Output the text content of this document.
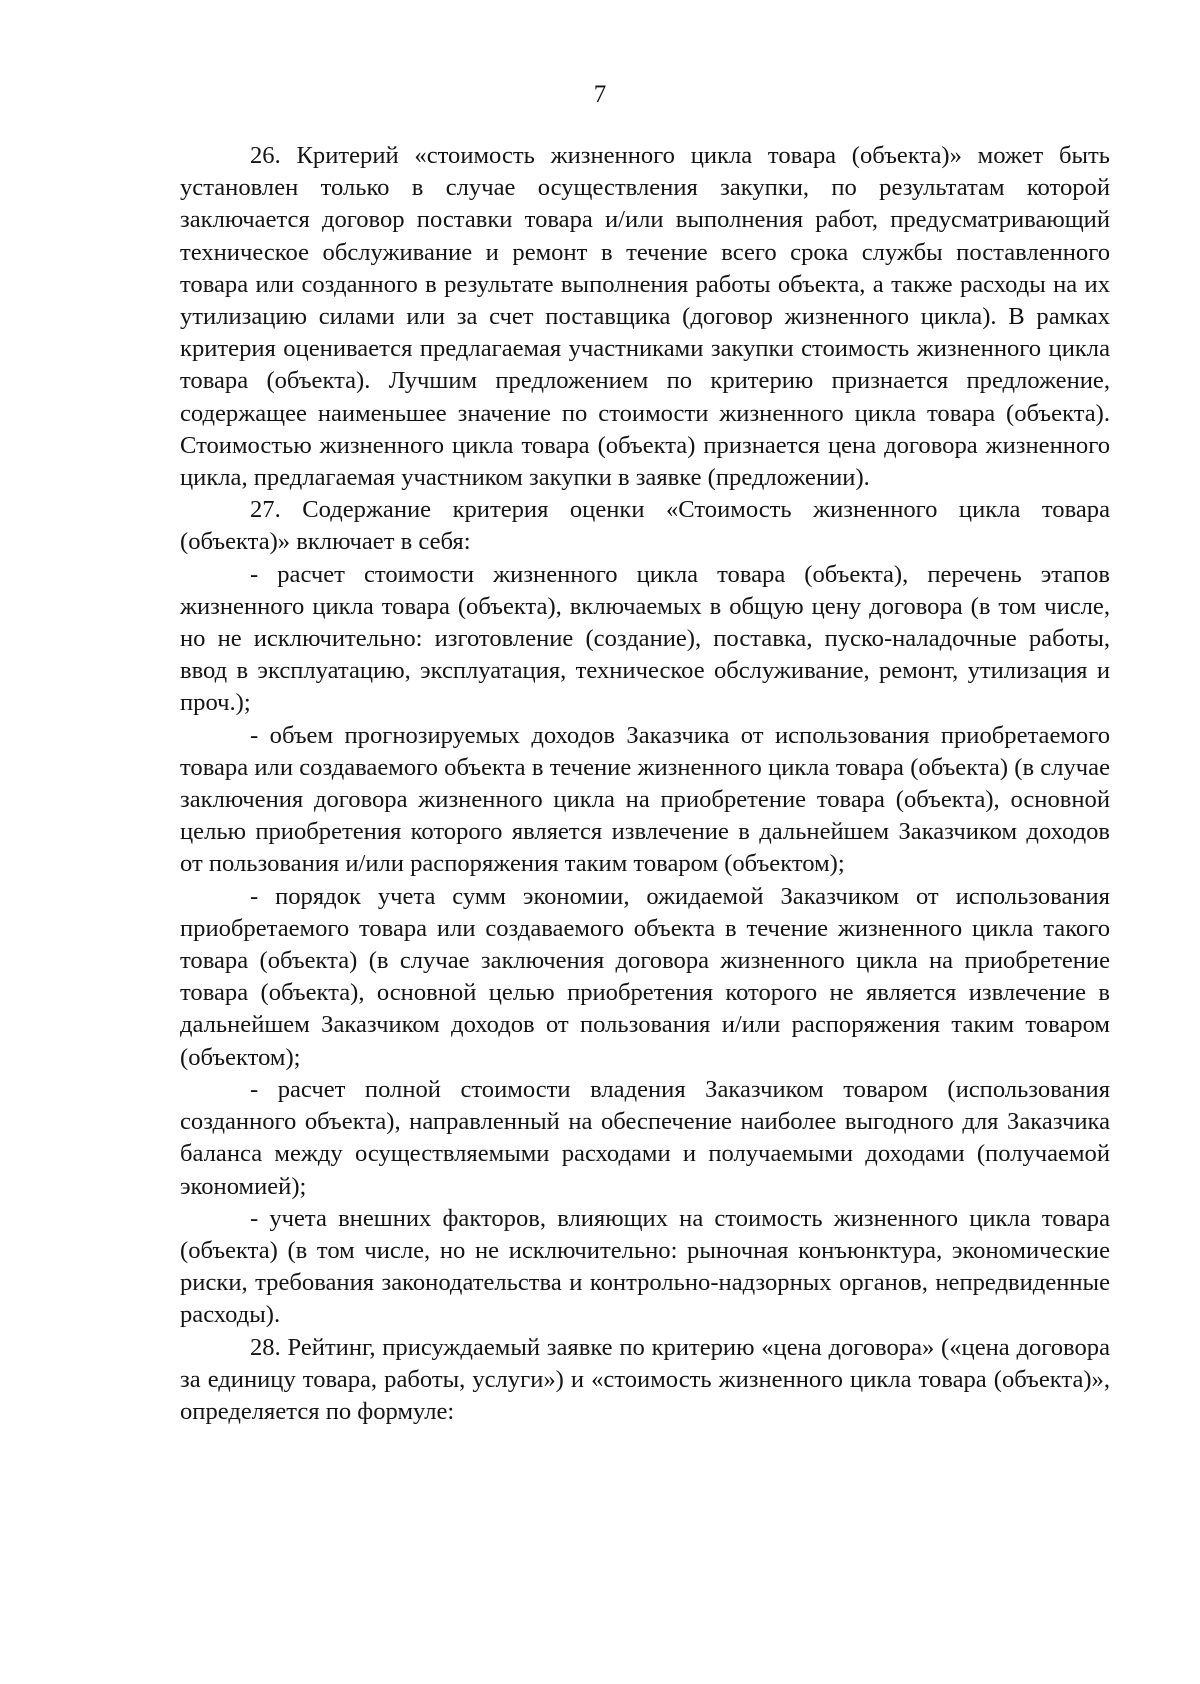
7

26. Критерий «стоимость жизненного цикла товара (объекта)» может быть установлен только в случае осуществления закупки, по результатам которой заключается договор поставки товара и/или выполнения работ, предусматривающий техническое обслуживание и ремонт в течение всего срока службы поставленного товара или созданного в результате выполнения работы объекта, а также расходы на их утилизацию силами или за счет поставщика (договор жизненного цикла). В рамках критерия оценивается предлагаемая участниками закупки стоимость жизненного цикла товара (объекта). Лучшим предложением по критерию признается предложение, содержащее наименьшее значение по стоимости жизненного цикла товара (объекта). Стоимостью жизненного цикла товара (объекта) признается цена договора жизненного цикла, предлагаемая участником закупки в заявке (предложении).

27. Содержание критерия оценки «Стоимость жизненного цикла товара (объекта)» включает в себя:

- расчет стоимости жизненного цикла товара (объекта), перечень этапов жизненного цикла товара (объекта), включаемых в общую цену договора (в том числе, но не исключительно: изготовление (создание), поставка, пуско-наладочные работы, ввод в эксплуатацию, эксплуатация, техническое обслуживание, ремонт, утилизация и проч.);

- объем прогнозируемых доходов Заказчика от использования приобретаемого товара или создаваемого объекта в течение жизненного цикла товара (объекта) (в случае заключения договора жизненного цикла на приобретение товара (объекта), основной целью приобретения которого является извлечение в дальнейшем Заказчиком доходов от пользования и/или распоряжения таким товаром (объектом);

- порядок учета сумм экономии, ожидаемой Заказчиком от использования приобретаемого товара или создаваемого объекта в течение жизненного цикла такого товара (объекта) (в случае заключения договора жизненного цикла на приобретение товара (объекта), основной целью приобретения которого не является извлечение в дальнейшем Заказчиком доходов от пользования и/или распоряжения таким товаром (объектом);

- расчет полной стоимости владения Заказчиком товаром (использования созданного объекта), направленный на обеспечение наиболее выгодного для Заказчика баланса между осуществляемыми расходами и получаемыми доходами (получаемой экономией);

- учета внешних факторов, влияющих на стоимость жизненного цикла товара (объекта) (в том числе, но не исключительно: рыночная конъюнктура, экономические риски, требования законодательства и контрольно-надзорных органов, непредвиденные расходы).

28. Рейтинг, присуждаемый заявке по критерию «цена договора» («цена договора за единицу товара, работы, услуги») и «стоимость жизненного цикла товара (объекта)», определяется по формуле:
